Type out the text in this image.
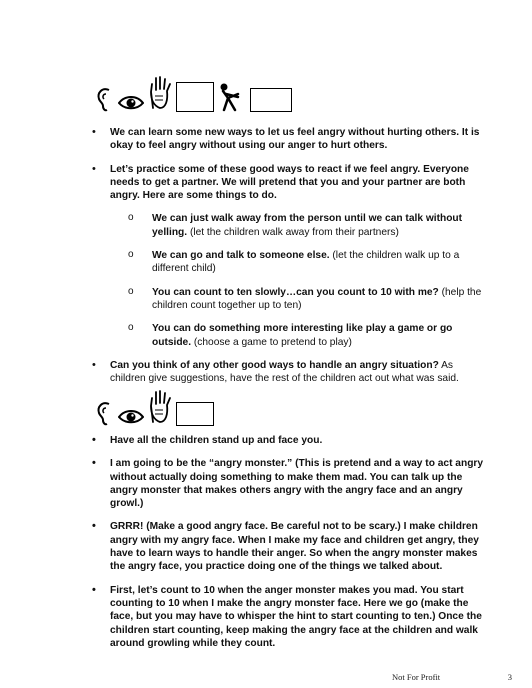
• We can learn some new ways to let us feel angry without hurting others. It is okay to feel angry without using our anger to hurt others.
• Let’s practice some of these good ways to react if we feel angry. Everyone needs to get a partner. We will pretend that you and your partner are both angry. Here are some things to do.
o We can just walk away from the person until we can talk without yelling. (let the children walk away from their partners)
o We can go and talk to someone else. (let the children walk up to a different child)
o You can count to ten slowly…can you count to 10 with me? (help the children count together up to ten)
o You can do something more interesting like play a game or go outside. (choose a game to pretend to play)
• Can you think of any other good ways to handle an angry situation? As children give suggestions, have the rest of the children act out what was said.
• Have all the children stand up and face you.
• I am going to be the “angry monster.” (This is pretend and a way to act angry without actually doing something to make them mad. You can talk up the angry monster that makes others angry with the angry face and an angry growl.)
• GRRR! (Make a good angry face. Be careful not to be scary.) I make children angry with my angry face. When I make my face and children get angry, they have to learn ways to handle their anger. So when the angry monster makes the angry face, you practice doing one of the things we talked about.
• First, let’s count to 10 when the anger monster makes you mad. You start counting to 10 when I make the angry monster face. Here we go (make the face, but you may have to whisper the hint to start counting to ten.) Once the children start counting, keep making the angry face at the children and walk around growling while they count.
Not For Profit	3
